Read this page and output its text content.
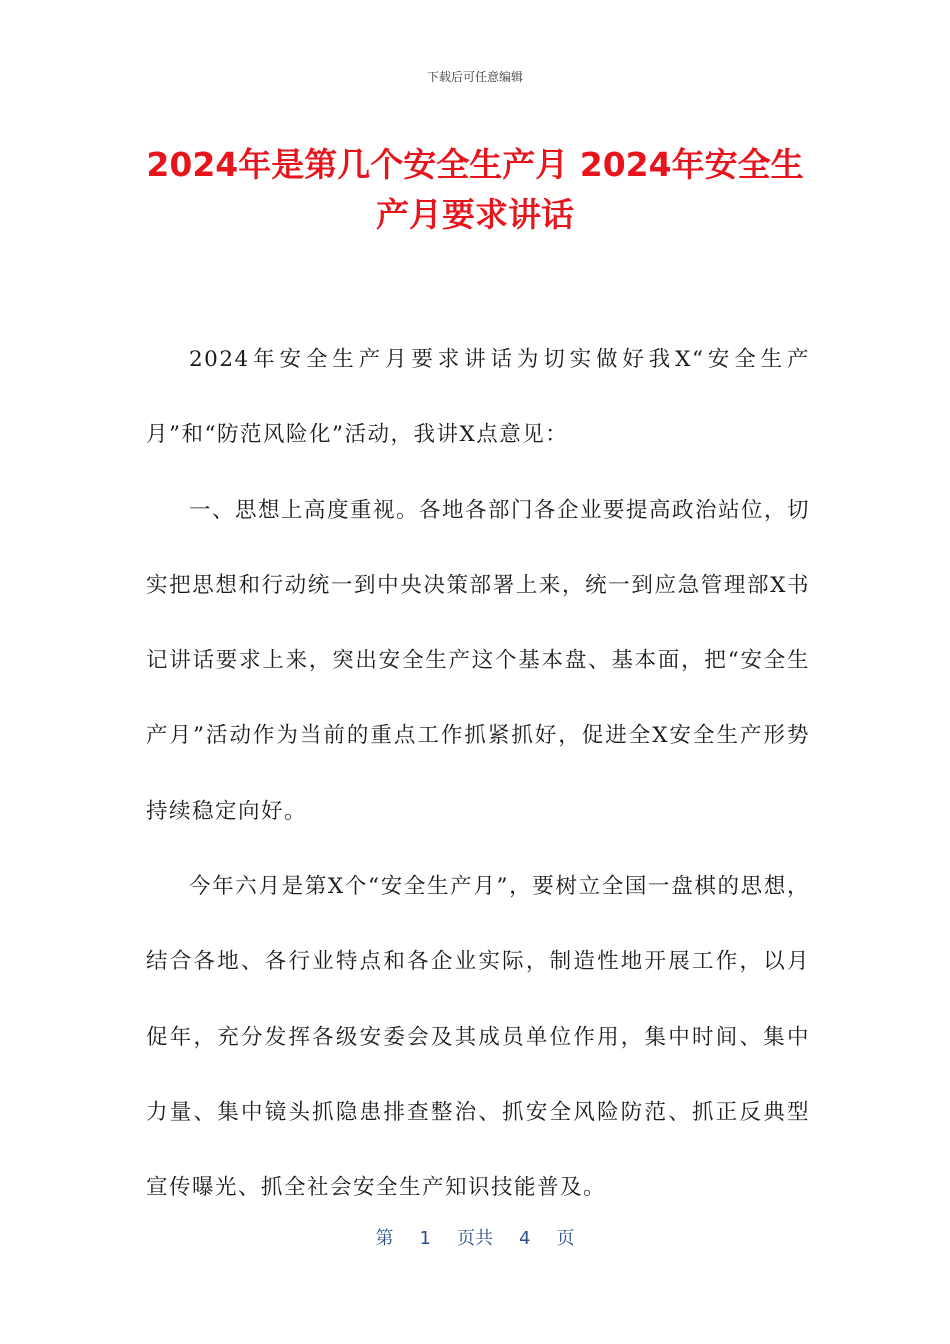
下载后可任意编辑
2024年是第几个安全生产月 2024年安全生
产月要求讲话

2024年安全生产月要求讲话为切实做好我X“安全生产月”和“防范风险化”活动，我讲X点意见：

一、思想上高度重视。各地各部门各企业要提高政治站位，切实把思想和行动统一到中央决策部署上来，统一到应急管理部X书记讲话要求上来，突出安全生产这个基本盘、基本面，把“安全生产月”活动作为当前的重点工作抓紧抓好，促进全X安全生产形势持续稳定向好。

今年六月是第X个“安全生产月”，要树立全国一盘棋的思想，结合各地、各行业特点和各企业实际，制造性地开展工作，以月促年，充分发挥各级安委会及其成员单位作用，集中时间、集中力量、集中镜头抓隐患排查整治、抓安全风险防范、抓正反典型宣传曝光、抓全社会安全生产知识技能普及。

第 1 页共 4 页
